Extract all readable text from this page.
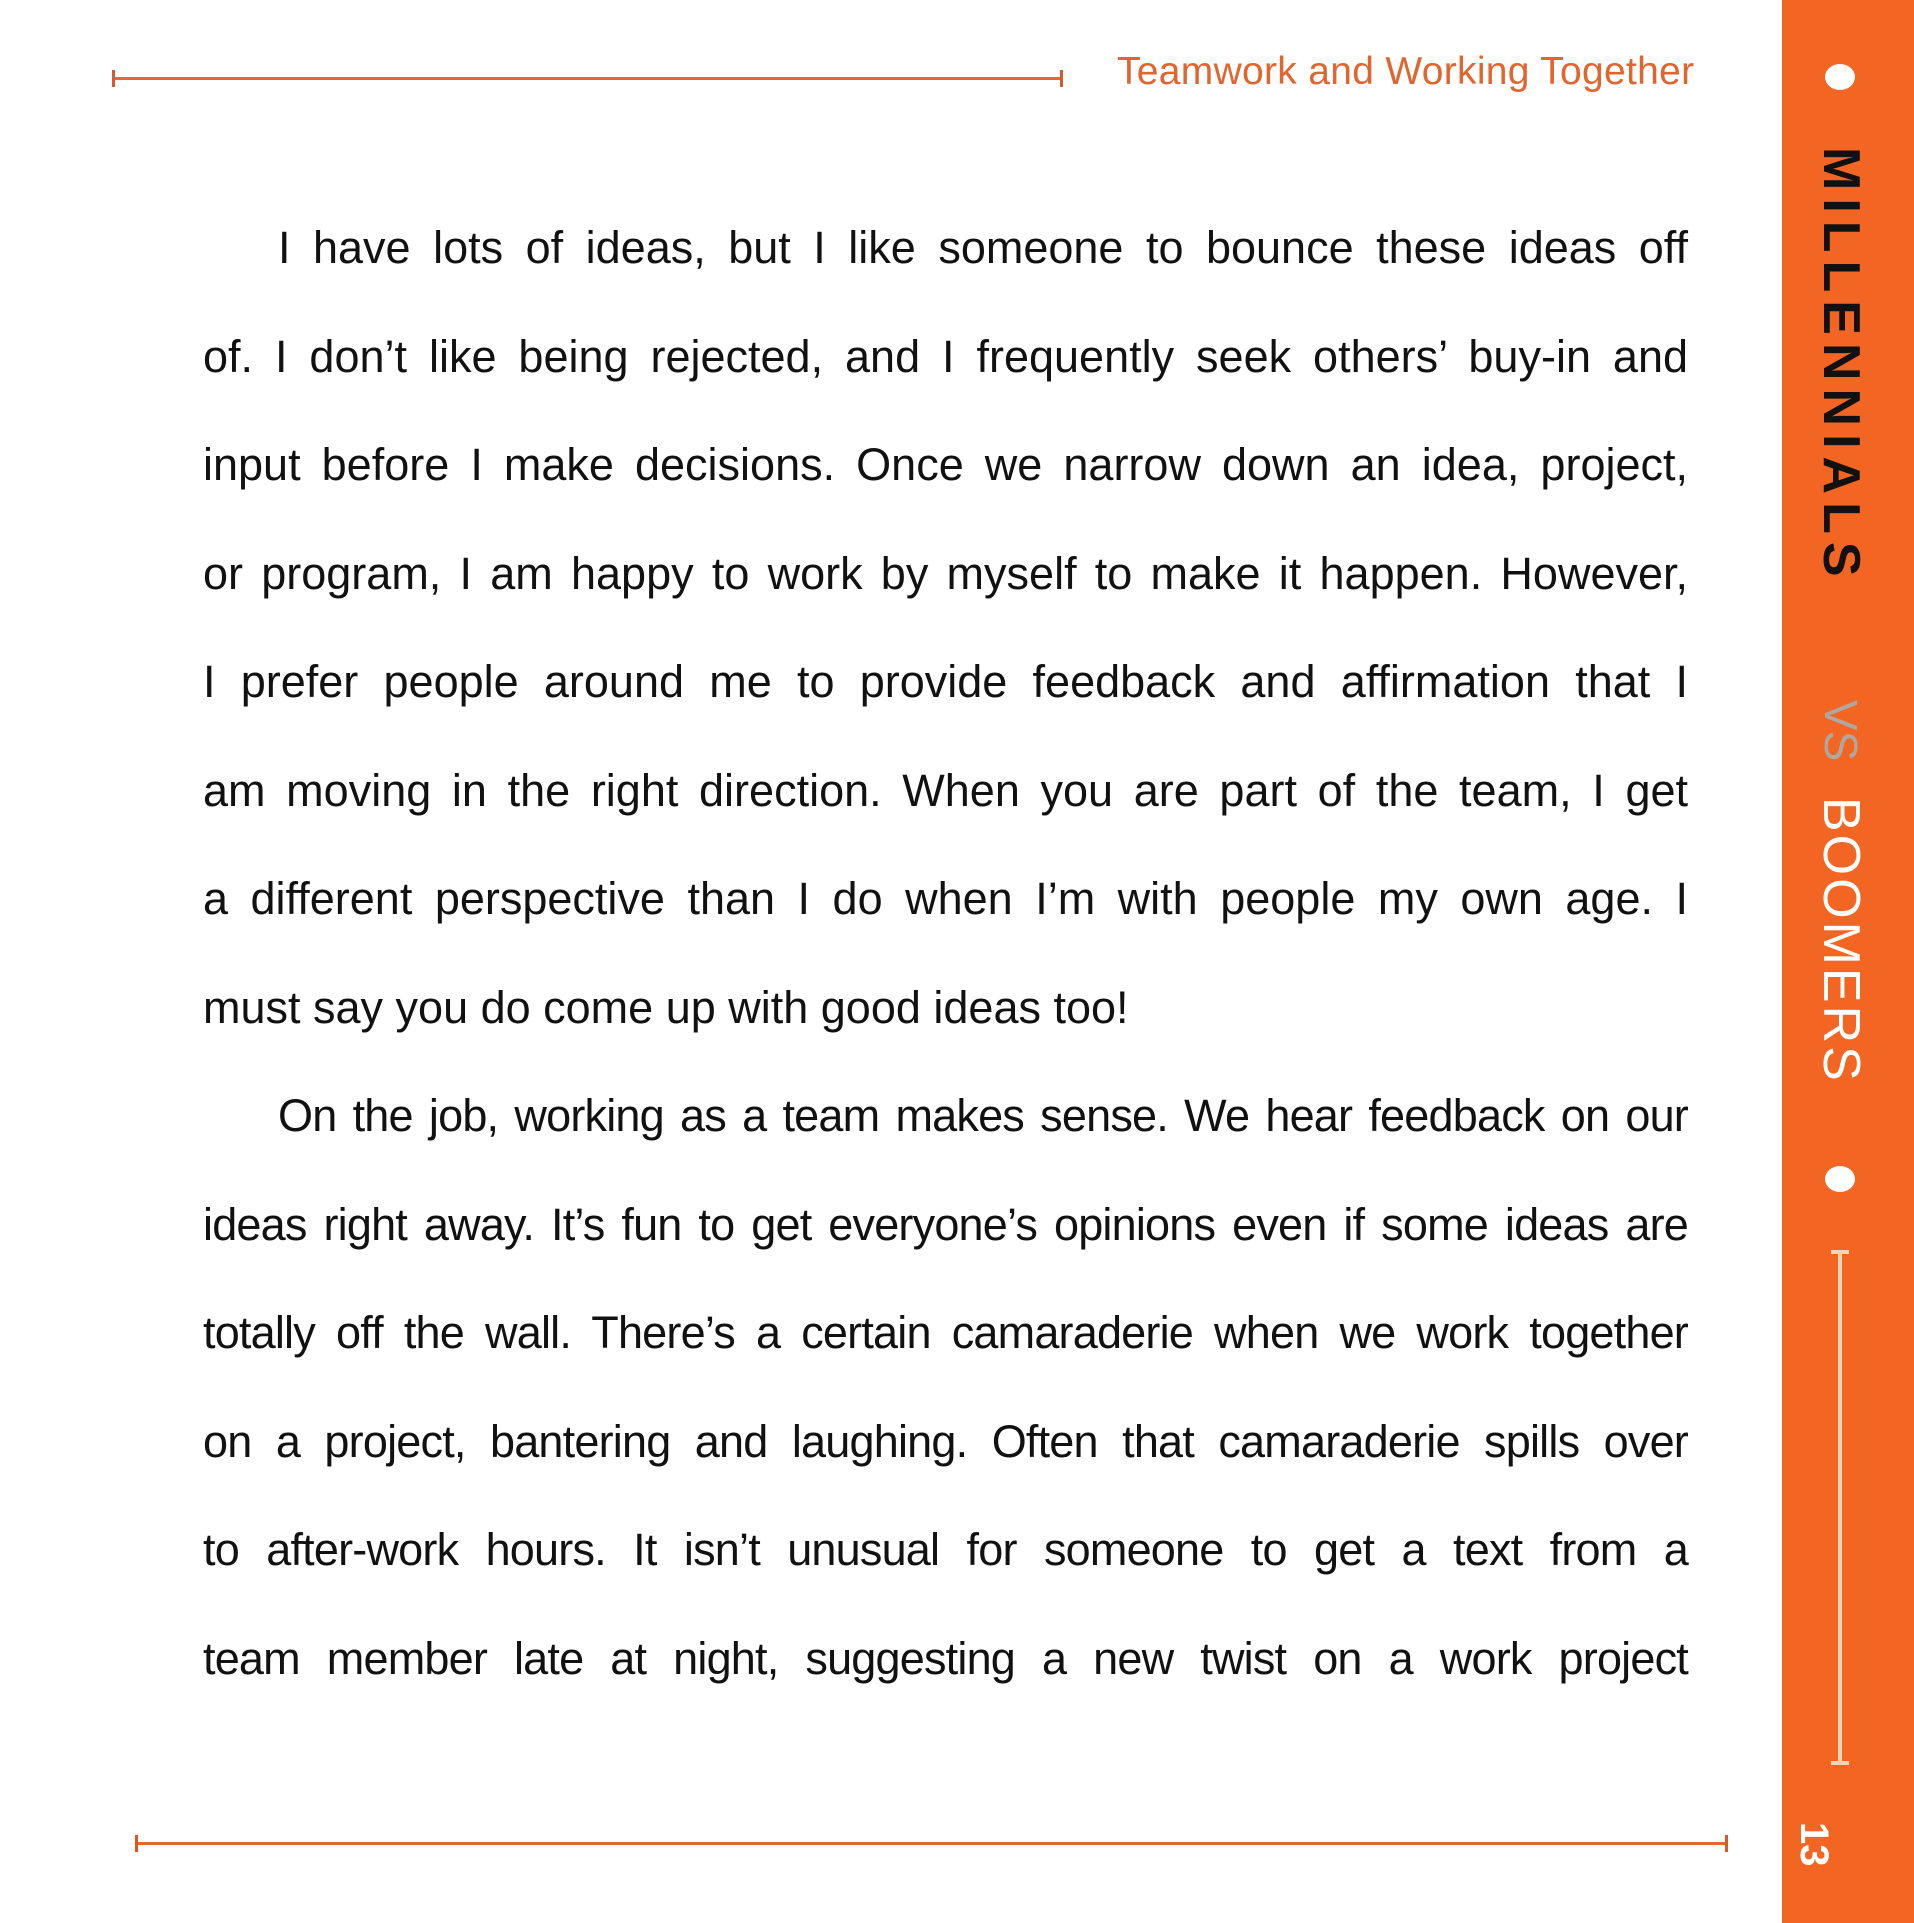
Teamwork and Working Together
I have lots of ideas, but I like someone to bounce these ideas off
of. I don’t like being rejected, and I frequently seek others’ buy-in and
input before I make decisions. Once we narrow down an idea, project,
or program, I am happy to work by myself to make it happen. However,
I prefer people around me to provide feedback and affirmation that I
am moving in the right direction. When you are part of the team, I get
a different perspective than I do when I’m with people my own age. I
must say you do come up with good ideas too!
On the job, working as a team makes sense. We hear feedback on our
ideas right away. It’s fun to get everyone’s opinions even if some ideas are
totally off the wall. There’s a certain camaraderie when we work together
on a project, bantering and laughing. Often that camaraderie spills over
to after-work hours. It isn’t unusual for someone to get a text from a
team member late at night, suggesting a new twist on a work project
MILLENNIALS
VS
BOOMERS
13
